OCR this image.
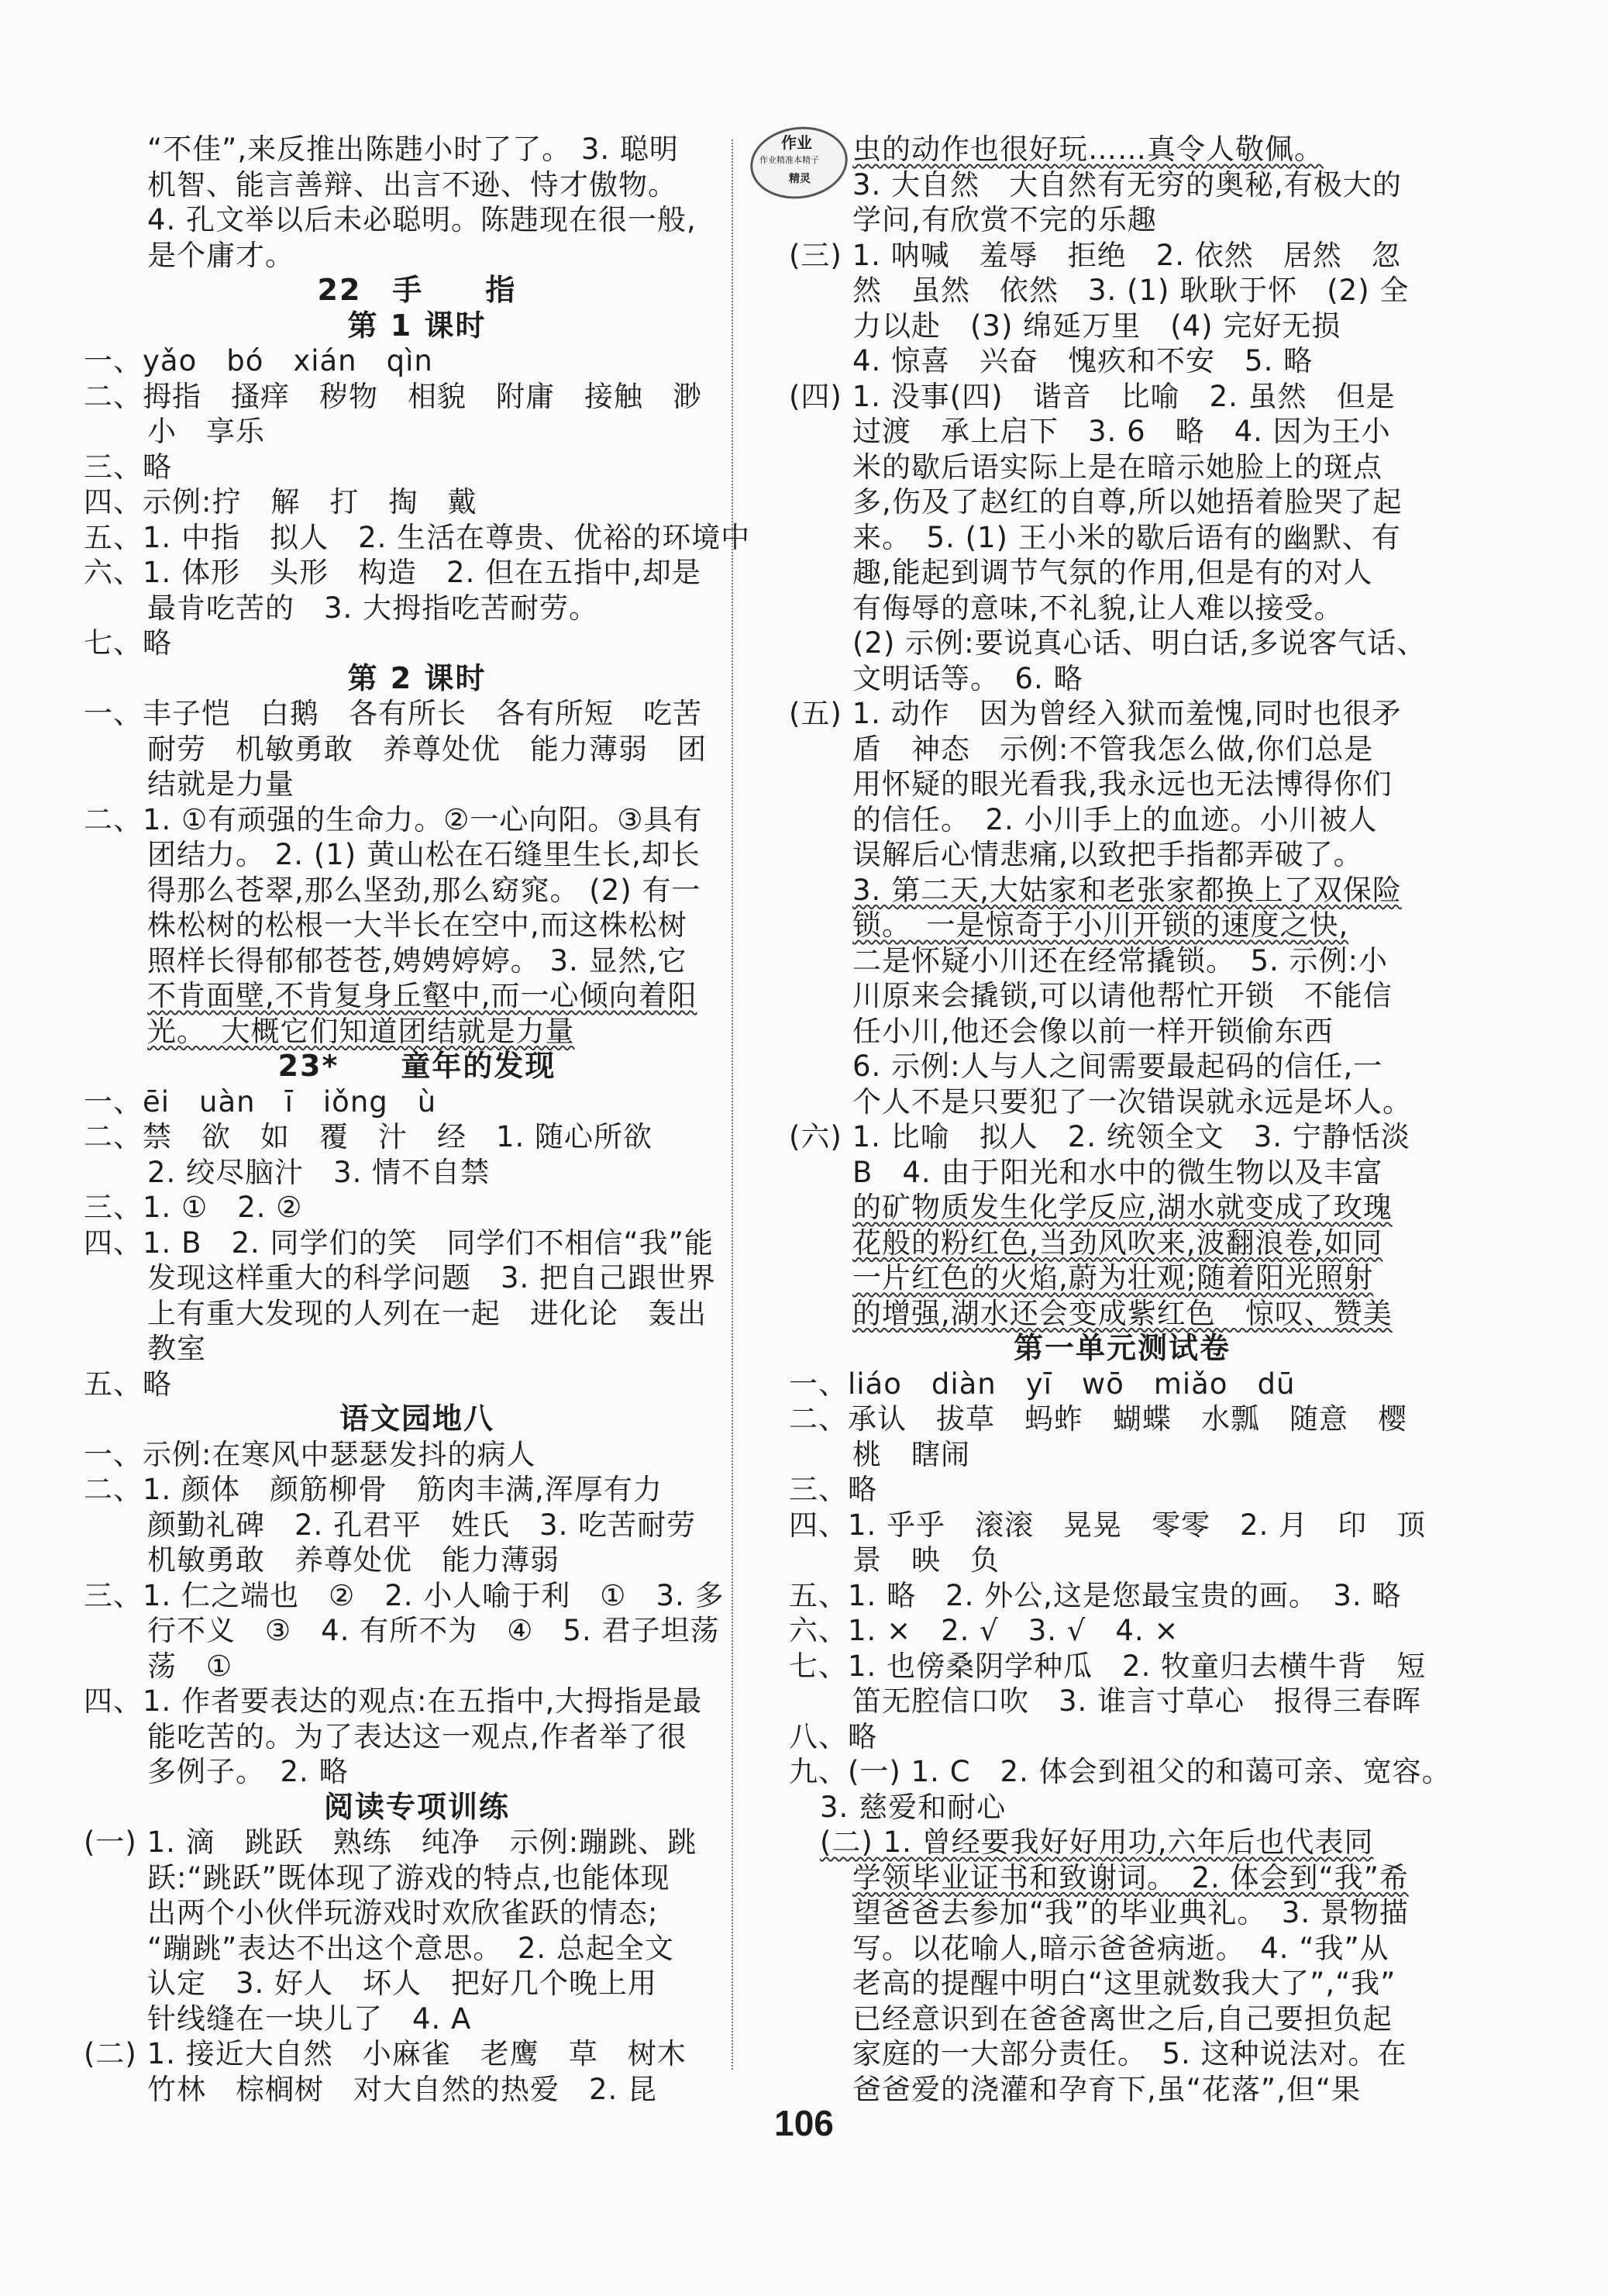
作业
作业精准本精子
精灵
“不佳”,来反推出陈韪小时了了。 3. 聪明
机智、能言善辩、出言不逊、恃才傲物。
4. 孔文举以后未必聪明。陈韪现在很一般,
是个庸才。
22　手　　指
第 1 课时
一、yǎo　bó　xián　qìn
二、拇指　搔痒　秽物　相貌　附庸　接触　渺
小　享乐
三、略
四、示例:拧　解　打　掏　戴
五、1. 中指　拟人　2. 生活在尊贵、优裕的环境中
六、1. 体形　头形　构造　2. 但在五指中,却是
最肯吃苦的　3. 大拇指吃苦耐劳。
七、略
第 2 课时
一、丰子恺　白鹅　各有所长　各有所短　吃苦
耐劳　机敏勇敢　养尊处优　能力薄弱　团
结就是力量
二、1. ①有顽强的生命力。②一心向阳。③具有
团结力。 2. (1) 黄山松在石缝里生长,却长
得那么苍翠,那么坚劲,那么窈窕。 (2) 有一
株松树的松根一大半长在空中,而这株松树
照样长得郁郁苍苍,娉娉婷婷。 3. 显然,它
不肯面壁,不肯复身丘壑中,而一心倾向着阳
光。　大概它们知道团结就是力量
23*　　童年的发现
一、ēi　uàn　ī　iǒng　ù
二、禁　欲　如　覆　汁　经　1. 随心所欲
2. 绞尽脑汁　3. 情不自禁
三、1. ①　2. ②
四、1. B　2. 同学们的笑　同学们不相信“我”能
发现这样重大的科学问题　3. 把自己跟世界
上有重大发现的人列在一起　进化论　轰出
教室
五、略
语文园地八
一、示例:在寒风中瑟瑟发抖的病人
二、1. 颜体　颜筋柳骨　筋肉丰满,浑厚有力
颜勤礼碑　2. 孔君平　姓氏　3. 吃苦耐劳
机敏勇敢　养尊处优　能力薄弱
三、1. 仁之端也　②　2. 小人喻于利　①　3. 多
行不义　③　4. 有所不为　④　5. 君子坦荡
荡　①
四、1. 作者要表达的观点:在五指中,大拇指是最
能吃苦的。为了表达这一观点,作者举了很
多例子。　2. 略
阅读专项训练
(一) 1. 滴　跳跃　熟练　纯净　示例:蹦跳、跳
跃:“跳跃”既体现了游戏的特点,也能体现
出两个小伙伴玩游戏时欢欣雀跃的情态;
“蹦跳”表达不出这个意思。　2. 总起全文
认定　3. 好人　坏人　把好几个晚上用
针线缝在一块儿了　4. A
(二) 1. 接近大自然　小麻雀　老鹰　草　树木
竹林　棕榈树　对大自然的热爱　2. 昆
虫的动作也很好玩……真令人敬佩。
3. 大自然　大自然有无穷的奥秘,有极大的
学问,有欣赏不完的乐趣
(三) 1. 呐喊　羞辱　拒绝　2. 依然　居然　忽
然　虽然　依然　3. (1) 耿耿于怀　(2) 全
力以赴　(3) 绵延万里　(4) 完好无损
4. 惊喜　兴奋　愧疚和不安　5. 略
(四) 1. 没事(四)　谐音　比喻　2. 虽然　但是
过渡　承上启下　3. 6　略　4. 因为王小
米的歇后语实际上是在暗示她脸上的斑点
多,伤及了赵红的自尊,所以她捂着脸哭了起
来。　5. (1) 王小米的歇后语有的幽默、有
趣,能起到调节气氛的作用,但是有的对人
有侮辱的意味,不礼貌,让人难以接受。
(2) 示例:要说真心话、明白话,多说客气话、
文明话等。　6. 略
(五) 1. 动作　因为曾经入狱而羞愧,同时也很矛
盾　神态　示例:不管我怎么做,你们总是
用怀疑的眼光看我,我永远也无法博得你们
的信任。　2. 小川手上的血迹。小川被人
误解后心情悲痛,以致把手指都弄破了。
3. 第二天,大姑家和老张家都换上了双保险
锁。　一是惊奇于小川开锁的速度之快,
二是怀疑小川还在经常撬锁。　5. 示例:小
川原来会撬锁,可以请他帮忙开锁　不能信
任小川,他还会像以前一样开锁偷东西
6. 示例:人与人之间需要最起码的信任,一
个人不是只要犯了一次错误就永远是坏人。
(六) 1. 比喻　拟人　2. 统领全文　3. 宁静恬淡
B　4. 由于阳光和水中的微生物以及丰富
的矿物质发生化学反应,湖水就变成了玫瑰
花般的粉红色,当劲风吹来,波翻浪卷,如同
一片红色的火焰,蔚为壮观;随着阳光照射
的增强,湖水还会变成紫红色　惊叹、赞美
第一单元测试卷
一、liáo　diàn　yī　wō　miǎo　dū
二、承认　拔草　蚂蚱　蝴蝶　水瓢　随意　樱
桃　瞎闹
三、略
四、1. 乎乎　滚滚　晃晃　零零　2. 月　印　顶
景　映　负
五、1. 略　2. 外公,这是您最宝贵的画。　3. 略
六、1. ×　2. √　3. √　4. ×
七、1. 也傍桑阴学种瓜　2. 牧童归去横牛背　短
笛无腔信口吹　3. 谁言寸草心　报得三春晖
八、略
九、(一) 1. C　2. 体会到祖父的和蔼可亲、宽容。
3. 慈爱和耐心
(二) 1. 曾经要我好好用功,六年后也代表同
学领毕业证书和致谢词。　2. 体会到“我”希
望爸爸去参加“我”的毕业典礼。　3. 景物描
写。以花喻人,暗示爸爸病逝。　4. “我”从
老高的提醒中明白“这里就数我大了”,“我”
已经意识到在爸爸离世之后,自己要担负起
家庭的一大部分责任。　5. 这种说法对。在
爸爸爱的浇灌和孕育下,虽“花落”,但“果
106
